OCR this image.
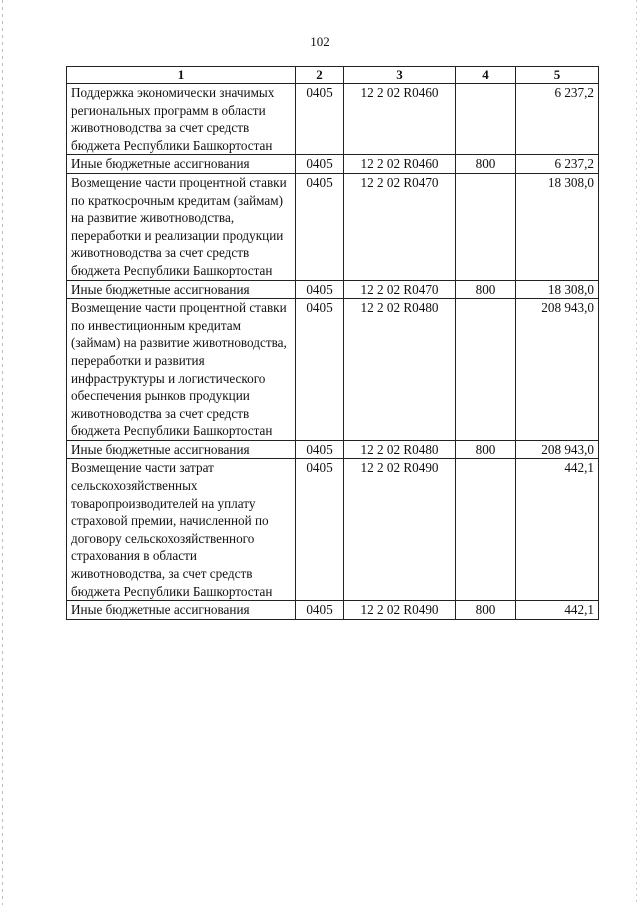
102
1	2	3	4	5
Поддержка экономически значимых региональных программ в области животноводства за счет средств бюджета Республики Башкортостан	0405	12 2 02 R0460		6 237,2
Иные бюджетные ассигнования	0405	12 2 02 R0460	800	6 237,2
Возмещение части процентной ставки по краткосрочным кредитам (займам) на развитие животноводства, переработки и реализации продукции животноводства за счет средств бюджета Республики Башкортостан	0405	12 2 02 R0470		18 308,0
Иные бюджетные ассигнования	0405	12 2 02 R0470	800	18 308,0
Возмещение части процентной ставки по инвестиционным кредитам (займам) на развитие животноводства, переработки и развития инфраструктуры и логистического обеспечения рынков продукции животноводства за счет средств бюджета Республики Башкортостан	0405	12 2 02 R0480		208 943,0
Иные бюджетные ассигнования	0405	12 2 02 R0480	800	208 943,0
Возмещение части затрат сельскохозяйственных товаропроизводителей на уплату страховой премии, начисленной по договору сельскохозяйственного страхования в области животноводства, за счет средств бюджета Республики Башкортостан	0405	12 2 02 R0490		442,1
Иные бюджетные ассигнования	0405	12 2 02 R0490	800	442,1
